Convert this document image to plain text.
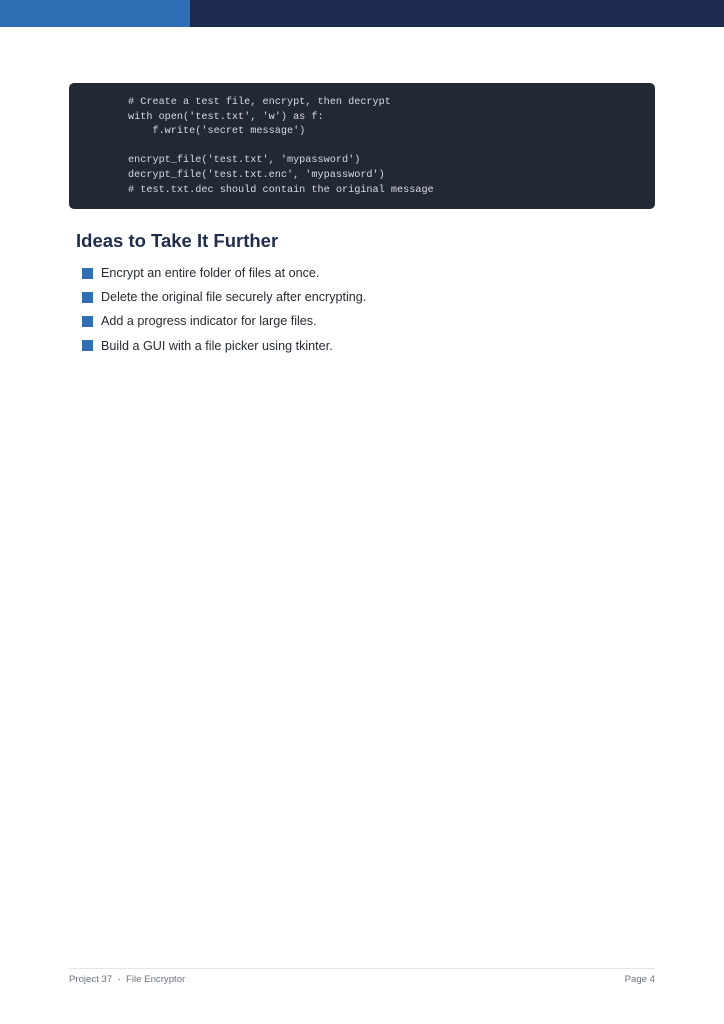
# Create a test file, encrypt, then decrypt
with open('test.txt', 'w') as f:
f.write('secret message')
encrypt_file('test.txt', 'mypassword')
decrypt_file('test.txt.enc', 'mypassword')
# test.txt.dec should contain the original message
Ideas to Take It Further
Encrypt an entire folder of files at once.
Delete the original file securely after encrypting.
Add a progress indicator for large files.
Build a GUI with a file picker using tkinter.
Project 37  -  File Encryptor	Page 4
